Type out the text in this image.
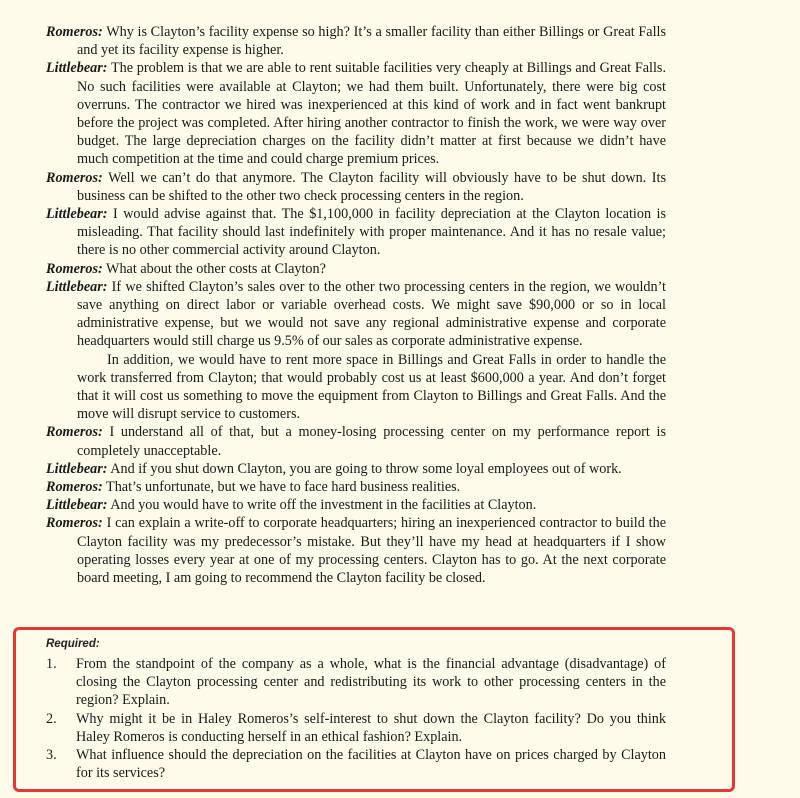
Romeros: Why is Clayton’s facility expense so high? It’s a smaller facility than either Billings or Great Falls and yet its facility expense is higher.

Littlebear: The problem is that we are able to rent suitable facilities very cheaply at Billings and Great Falls. No such facilities were available at Clayton; we had them built. Unfortunately, there were big cost overruns. The contractor we hired was inexperienced at this kind of work and in fact went bankrupt before the project was completed. After hiring another contractor to finish the work, we were way over budget. The large depreciation charges on the facility didn’t matter at first because we didn’t have much competition at the time and could charge premium prices.

Romeros: Well we can’t do that anymore. The Clayton facility will obviously have to be shut down. Its business can be shifted to the other two check processing centers in the region.

Littlebear: I would advise against that. The $1,100,000 in facility depreciation at the Clayton location is misleading. That facility should last indefinitely with proper maintenance. And it has no resale value; there is no other commercial activity around Clayton.

Romeros: What about the other costs at Clayton?

Littlebear: If we shifted Clayton’s sales over to the other two processing centers in the region, we wouldn’t save anything on direct labor or variable overhead costs. We might save $90,000 or so in local administrative expense, but we would not save any regional administrative expense and corporate headquarters would still charge us 9.5% of our sales as corporate administrative expense.
In addition, we would have to rent more space in Billings and Great Falls in order to handle the work transferred from Clayton; that would probably cost us at least $600,000 a year. And don’t forget that it will cost us something to move the equipment from Clayton to Billings and Great Falls. And the move will disrupt service to customers.

Romeros: I understand all of that, but a money-losing processing center on my performance report is completely unacceptable.

Littlebear: And if you shut down Clayton, you are going to throw some loyal employees out of work.

Romeros: That’s unfortunate, but we have to face hard business realities.

Littlebear: And you would have to write off the investment in the facilities at Clayton.

Romeros: I can explain a write-off to corporate headquarters; hiring an inexperienced contractor to build the Clayton facility was my predecessor’s mistake. But they’ll have my head at headquarters if I show operating losses every year at one of my processing centers. Clayton has to go. At the next corporate board meeting, I am going to recommend the Clayton facility be closed.

Required:
1. From the standpoint of the company as a whole, what is the financial advantage (disadvantage) of closing the Clayton processing center and redistributing its work to other processing centers in the region? Explain.
2. Why might it be in Haley Romeros’s self-interest to shut down the Clayton facility? Do you think Haley Romeros is conducting herself in an ethical fashion? Explain.
3. What influence should the depreciation on the facilities at Clayton have on prices charged by Clayton for its services?
